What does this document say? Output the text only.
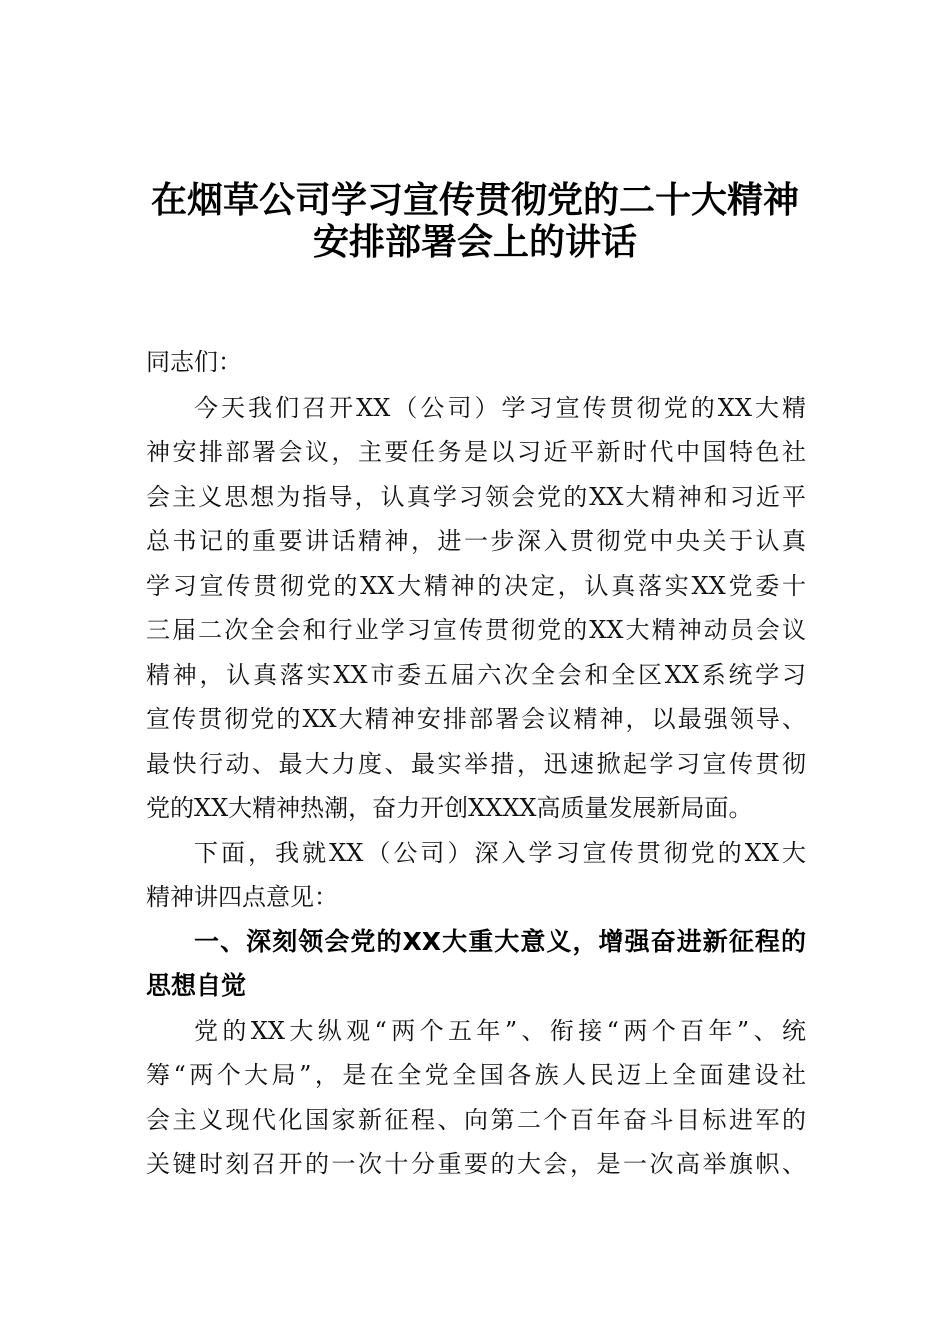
在烟草公司学习宣传贯彻党的二十大精神
安排部署会上的讲话
同志们：
今天我们召开XX（公司）学习宣传贯彻党的XX大精
神安排部署会议，主要任务是以习近平新时代中国特色社
会主义思想为指导，认真学习领会党的XX大精神和习近平
总书记的重要讲话精神，进一步深入贯彻党中央关于认真
学习宣传贯彻党的XX大精神的决定，认真落实XX党委十
三届二次全会和行业学习宣传贯彻党的XX大精神动员会议
精神，认真落实XX市委五届六次全会和全区XX系统学习
宣传贯彻党的XX大精神安排部署会议精神，以最强领导、
最快行动、最大力度、最实举措，迅速掀起学习宣传贯彻
党的XX大精神热潮，奋力开创XXXX高质量发展新局面。
下面，我就XX（公司）深入学习宣传贯彻党的XX大
精神讲四点意见：
一、深刻领会党的XX大重大意义，增强奋进新征程的
思想自觉
党的XX大纵观“两个五年”、衔接“两个百年”、统
筹“两个大局”，是在全党全国各族人民迈上全面建设社
会主义现代化国家新征程、向第二个百年奋斗目标进军的
关键时刻召开的一次十分重要的大会，是一次高举旗帜、
